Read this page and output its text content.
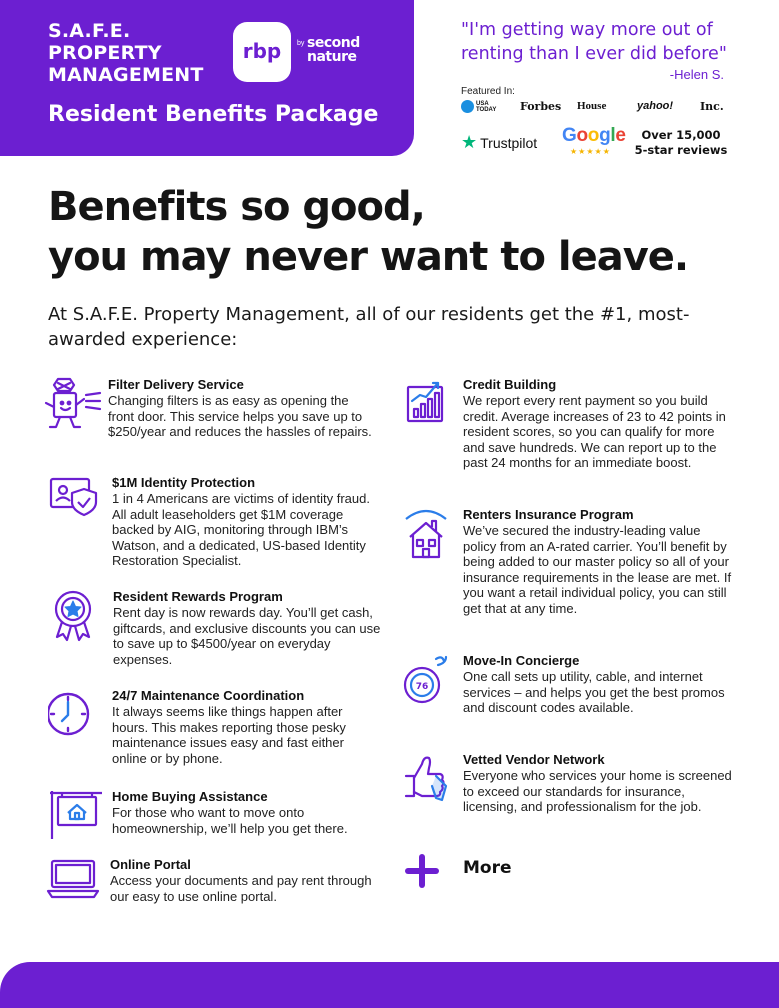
S.A.F.E.
PROPERTY
MANAGEMENT
rbp	by second
nature
Resident Benefits Package
"I'm getting way more out of renting than I ever did before"
-Helen S.
Featured In:
USA
TODAY Forbes House	yahoo! Inc.
★ Trustpilot Google
★★★★★
Over 15,000
5-star reviews
Benefits so good,
you may never want to leave.
At S.A.F.E. Property Management, all of our residents get the #1, most-awarded experience:
Filter Delivery Service
Changing filters is as easy as opening the front door. This service helps you save up to $250/year and reduces the hassles of repairs.
$1M Identity Protection
1 in 4 Americans are victims of identity fraud. All adult leaseholders get $1M coverage backed by AIG, monitoring through IBM’s Watson, and a dedicated, US-based Identity Restoration Specialist.
Resident Rewards Program
Rent day is now rewards day. You’ll get cash, giftcards, and exclusive discounts you can use to save up to $4500/year on everyday expenses.
24/7 Maintenance Coordination
It always seems like things happen after hours. This makes reporting those pesky maintenance issues easy and fast either online or by phone.
Home Buying Assistance
For those who want to move onto homeownership, we’ll help you get there.
Online Portal
Access your documents and pay rent through our easy to use online portal.
Credit Building
We report every rent payment so you build credit. Average increases of 23 to 42 points in resident scores, so you can qualify for more and save hundreds. We can report up to the past 24 months for an immediate boost.
Renters Insurance Program
We’ve secured the industry-leading value policy from an A-rated carrier. You’ll benefit by being added to our master policy so all of your insurance requirements in the lease are met. If you want a retail individual policy, you can still get that at any time.
76
Move-In Concierge
One call sets up utility, cable, and internet services – and helps you get the best promos and discount codes available.
Vetted Vendor Network
Everyone who services your home is screened to exceed our standards for insurance, licensing, and professionalism for the job.
More
